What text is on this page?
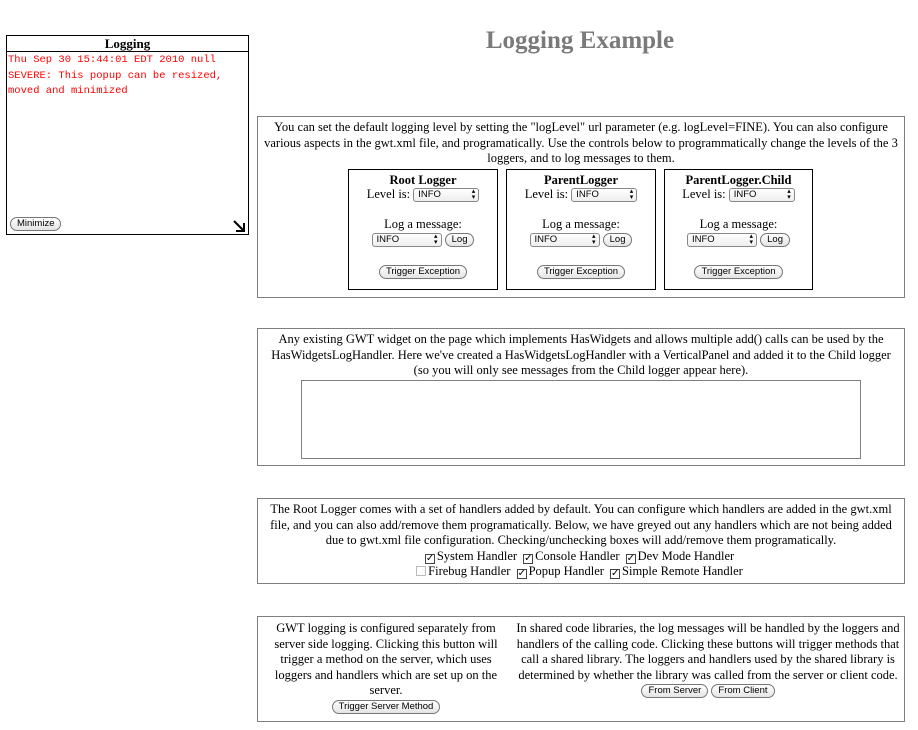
Logging
Thu Sep 30 15:44:01 EDT 2010 null
SEVERE: This popup can be resized,
moved and minimized
Minimize
Logging Example
You can set the default logging level by setting the "logLevel" url parameter (e.g. logLevel=FINE). You can also configure various aspects in the gwt.xml file, and programatically. Use the controls below to programmatically change the levels of the 3 loggers, and to log messages to them.
Root Logger
Level is: INFO	▴
▾
Log a message:
INFO	▴
▾ Log
Trigger Exception
ParentLogger
Level is: INFO	▴
▾
Log a message:
INFO	▴
▾ Log
Trigger Exception
ParentLogger.Child
Level is: INFO	▴
▾
Log a message:
INFO	▴
▾ Log
Trigger Exception
Any existing GWT widget on the page which implements HasWidgets and allows multiple add() calls can be used by the HasWidgetsLogHandler. Here we've created a HasWidgetsLogHandler with a VerticalPanel and added it to the Child logger (so you will only see messages from the Child logger appear here).
The Root Logger comes with a set of handlers added by default. You can configure which handlers are added in the gwt.xml file, and you can also add/remove them programatically. Below, we have greyed out any handlers which are not being added due to gwt.xml file configuration. Checking/unchecking boxes will add/remove them programatically.
✓ System Handler ✓ Console Handler ✓ Dev Mode Handler
Firebug Handler ✓ Popup Handler ✓ Simple Remote Handler
GWT logging is configured separately from server side logging. Clicking this button will trigger a method on the server, which uses loggers and handlers which are set up on the server.
Trigger Server Method
In shared code libraries, the log messages will be handled by the loggers and handlers of the calling code. Clicking these buttons will trigger methods that call a shared library. The loggers and handlers used by the shared library is determined by whether the library was called from the server or client code.
From Server From Client
